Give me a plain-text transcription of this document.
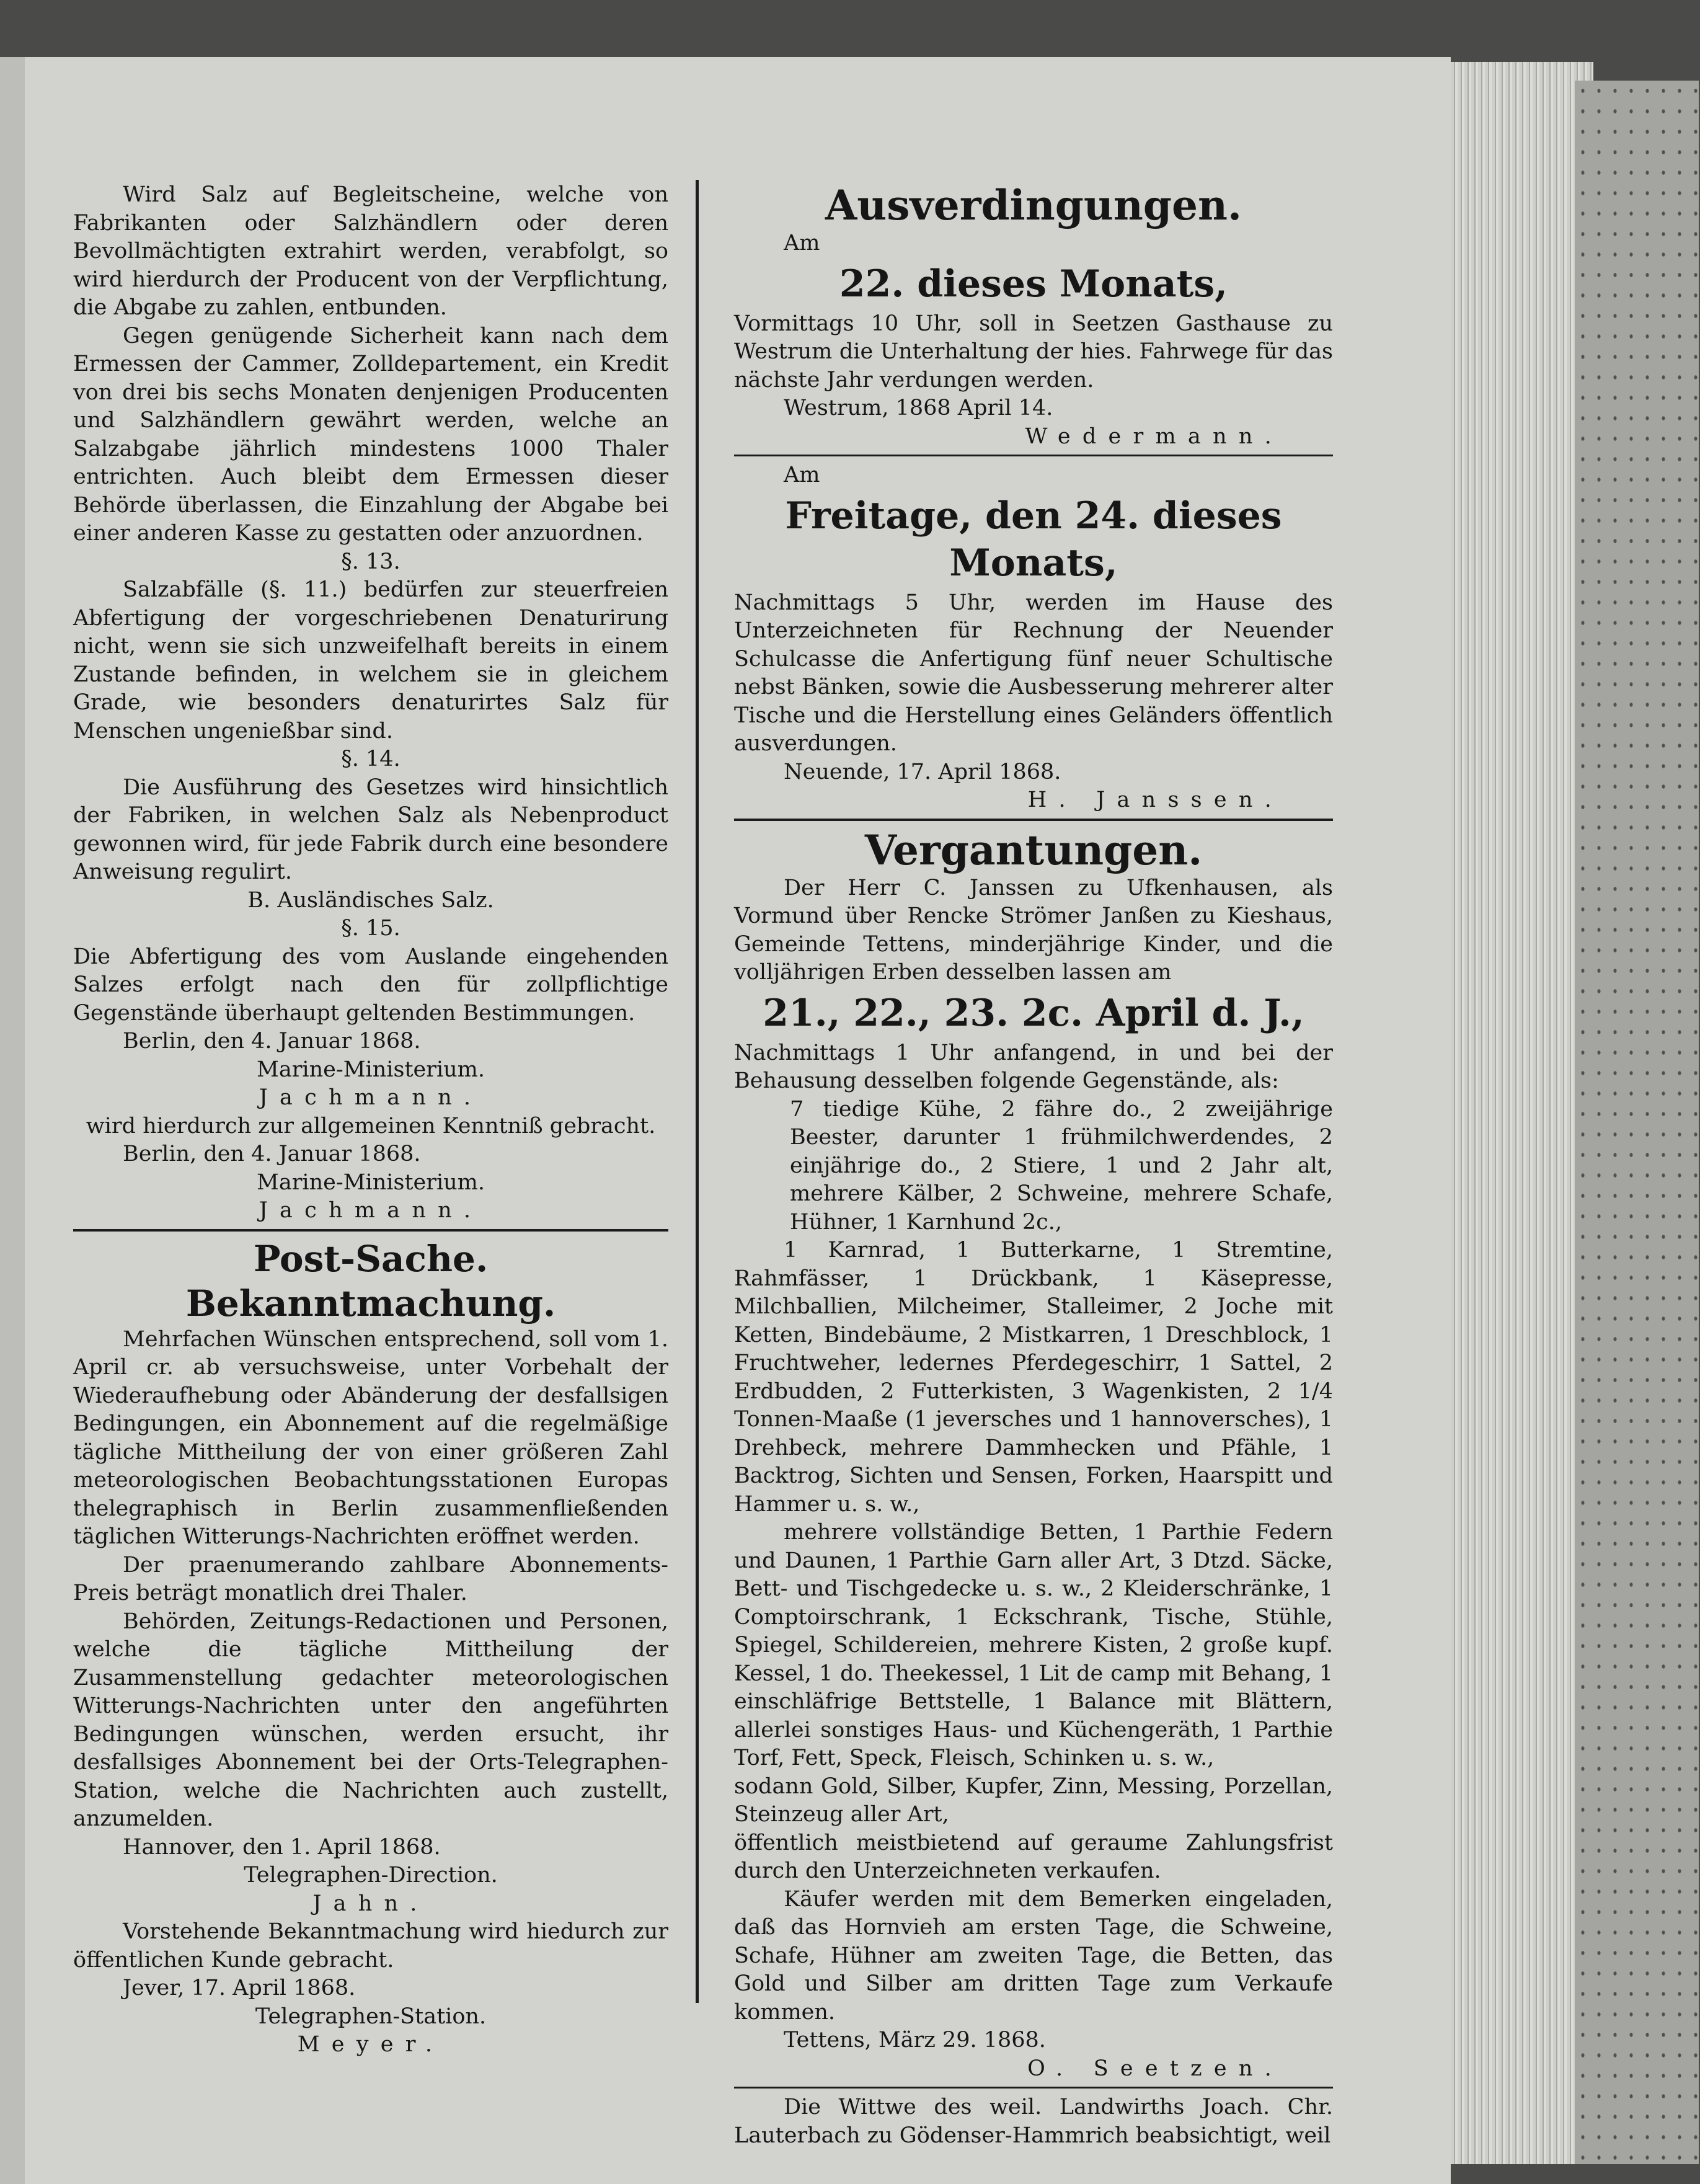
Wird Salz auf Begleitscheine, welche von Fabrikanten oder Salzhändlern oder deren Bevollmächtigten extrahirt werden, verabfolgt, so wird hierdurch der Producent von der Verpflichtung, die Abgabe zu zahlen, entbunden.

Gegen genügende Sicherheit kann nach dem Ermessen der Cammer, Zolldepartement, ein Kredit von drei bis sechs Monaten denjenigen Producenten und Salzhändlern gewährt werden, welche an Salzabgabe jährlich mindestens 1000 Thaler entrichten. Auch bleibt dem Ermessen dieser Behörde überlassen, die Einzahlung der Abgabe bei einer anderen Kasse zu gestatten oder anzuordnen.

§. 13.

Salzabfälle (§. 11.) bedürfen zur steuerfreien Abfertigung der vorgeschriebenen Denaturirung nicht, wenn sie sich unzweifelhaft bereits in einem Zustande befinden, in welchem sie in gleichem Grade, wie besonders denaturirtes Salz für Menschen ungenießbar sind.

§. 14.

Die Ausführung des Gesetzes wird hinsichtlich der Fabriken, in welchen Salz als Nebenproduct gewonnen wird, für jede Fabrik durch eine besondere Anweisung regulirt.

B. Ausländisches Salz.

§. 15.

Die Abfertigung des vom Auslande eingehenden Salzes erfolgt nach den für zollpflichtige Gegenstände überhaupt geltenden Bestimmungen.

Berlin, den 4. Januar 1868.

Marine-Ministerium.

Jachmann.

wird hierdurch zur allgemeinen Kenntniß gebracht.

Berlin, den 4. Januar 1868.

Marine-Ministerium.

Jachmann.

Post-Sache.

Bekanntmachung.

Mehrfachen Wünschen entsprechend, soll vom 1. April cr. ab versuchsweise, unter Vorbehalt der Wiederaufhebung oder Abänderung der desfallsigen Bedingungen, ein Abonnement auf die regelmäßige tägliche Mittheilung der von einer größeren Zahl meteorologischen Beobachtungsstationen Europas thelegraphisch in Berlin zusammenfließenden täglichen Witterungs-Nachrichten eröffnet werden.

Der praenumerando zahlbare Abonnements-Preis beträgt monatlich drei Thaler.

Behörden, Zeitungs-Redactionen und Personen, welche die tägliche Mittheilung der Zusammenstellung gedachter meteorologischen Witterungs-Nachrichten unter den angeführten Bedingungen wünschen, werden ersucht, ihr desfallsiges Abonnement bei der Orts-Telegraphen-Station, welche die Nachrichten auch zustellt, anzumelden.

Hannover, den 1. April 1868.

Telegraphen-Direction.

Jahn.

Vorstehende Bekanntmachung wird hiedurch zur öffentlichen Kunde gebracht.

Jever, 17. April 1868.

Telegraphen-Station.

Meyer.

Ausverdingungen.

Am

22. dieses Monats,

Vormittags 10 Uhr, soll in Seetzen Gasthause zu Westrum die Unterhaltung der hies. Fahrwege für das nächste Jahr verdungen werden.

Westrum, 1868 April 14.

Wedermann.

Am

Freitage, den 24. dieses Monats,

Nachmittags 5 Uhr, werden im Hause des Unterzeichneten für Rechnung der Neuender Schulcasse die Anfertigung fünf neuer Schultische nebst Bänken, sowie die Ausbesserung mehrerer alter Tische und die Herstellung eines Geländers öffentlich ausverdungen.

Neuende, 17. April 1868.

H. Janssen.

Vergantungen.

Der Herr C. Janssen zu Ufkenhausen, als Vormund über Rencke Strömer Janßen zu Kieshaus, Gemeinde Tettens, minderjährige Kinder, und die volljährigen Erben desselben lassen am

21., 22., 23. 2c. April d. J.,

Nachmittags 1 Uhr anfangend, in und bei der Behausung desselben folgende Gegenstände, als:

7 tiedige Kühe, 2 fähre do., 2 zweijährige Beester, darunter 1 frühmilchwerdendes, 2 einjährige do., 2 Stiere, 1 und 2 Jahr alt, mehrere Kälber, 2 Schweine, mehrere Schafe, Hühner, 1 Karnhund 2c.,

1 Karnrad, 1 Butterkarne, 1 Stremtine, Rahmfässer, 1 Drückbank, 1 Käsepresse, Milchballien, Milcheimer, Stalleimer, 2 Joche mit Ketten, Bindebäume, 2 Mistkarren, 1 Dreschblock, 1 Fruchtweher, ledernes Pferdegeschirr, 1 Sattel, 2 Erdbudden, 2 Futterkisten, 3 Wagenkisten, 2 1/4 Tonnen-Maaße (1 jeversches und 1 hannoversches), 1 Drehbeck, mehrere Dammhecken und Pfähle, 1 Backtrog, Sichten und Sensen, Forken, Haarspitt und Hammer u. s. w.,

mehrere vollständige Betten, 1 Parthie Federn und Daunen, 1 Parthie Garn aller Art, 3 Dtzd. Säcke, Bett- und Tischgedecke u. s. w., 2 Kleiderschränke, 1 Comptoirschrank, 1 Eckschrank, Tische, Stühle, Spiegel, Schildereien, mehrere Kisten, 2 große kupf. Kessel, 1 do. Theekessel, 1 Lit de camp mit Behang, 1 einschläfrige Bettstelle, 1 Balance mit Blättern, allerlei sonstiges Haus- und Küchengeräth, 1 Parthie Torf, Fett, Speck, Fleisch, Schinken u. s. w.,

sodann Gold, Silber, Kupfer, Zinn, Messing, Porzellan, Steinzeug aller Art,

öffentlich meistbietend auf geraume Zahlungsfrist durch den Unterzeichneten verkaufen.

Käufer werden mit dem Bemerken eingeladen, daß das Hornvieh am ersten Tage, die Schweine, Schafe, Hühner am zweiten Tage, die Betten, das Gold und Silber am dritten Tage zum Verkaufe kommen.

Tettens, März 29. 1868.

O. Seetzen.

Die Wittwe des weil. Landwirths Joach. Chr. Lauterbach zu Gödenser-Hammrich beabsichtigt, weil
